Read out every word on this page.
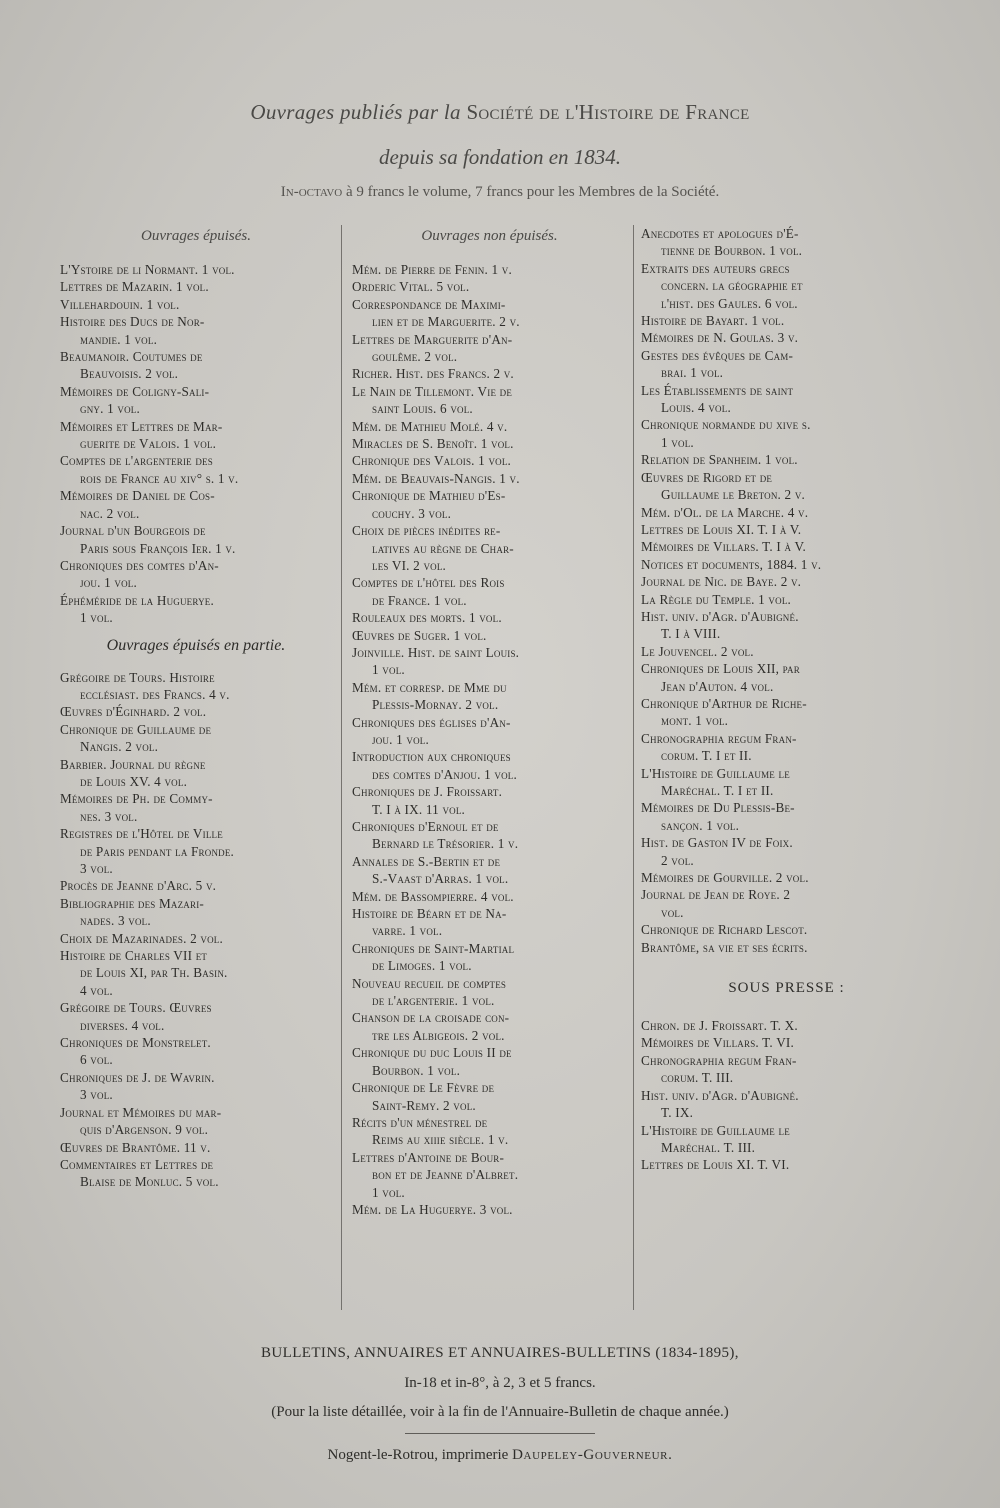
Ouvrages publiés par la Société de l'Histoire de France
depuis sa fondation en 1834.
In-octavo à 9 francs le volume, 7 francs pour les Membres de la Société.
Ouvrages épuisés.
L'Ystoire de li Normant. 1 vol.
Lettres de Mazarin. 1 vol.
Villehardouin. 1 vol.
Histoire des Ducs de Nor-
mandie. 1 vol.
Beaumanoir. Coutumes de
Beauvoisis. 2 vol.
Mémoires de Coligny-Sali-
gny. 1 vol.
Mémoires et Lettres de Mar-
guerite de Valois. 1 vol.
Comptes de l'argenterie des
rois de France au xiv° s. 1 v.
Mémoires de Daniel de Cos-
nac. 2 vol.
Journal d'un Bourgeois de
Paris sous François Ier. 1 v.
Chroniques des comtes d'An-
jou. 1 vol.
Éphéméride de la Huguerye.
1 vol.
Ouvrages épuisés en partie.
Grégoire de Tours. Histoire
ecclésiast. des Francs. 4 v.
Œuvres d'Éginhard. 2 vol.
Chronique de Guillaume de
Nangis. 2 vol.
Barbier. Journal du règne
de Louis XV. 4 vol.
Mémoires de Ph. de Commy-
nes. 3 vol.
Registres de l'Hôtel de Ville
de Paris pendant la Fronde.
3 vol.
Procès de Jeanne d'Arc. 5 v.
Bibliographie des Mazari-
nades. 3 vol.
Choix de Mazarinades. 2 vol.
Histoire de Charles VII et
de Louis XI, par Th. Basin.
4 vol.
Grégoire de Tours. Œuvres
diverses. 4 vol.
Chroniques de Monstrelet.
6 vol.
Chroniques de J. de Wavrin.
3 vol.
Journal et Mémoires du mar-
quis d'Argenson. 9 vol.
Œuvres de Brantôme. 11 v.
Commentaires et Lettres de
Blaise de Monluc. 5 vol.
Ouvrages non épuisés.
Mém. de Pierre de Fenin. 1 v.
Orderic Vital. 5 vol.
Correspondance de Maximi-
lien et de Marguerite. 2 v.
Lettres de Marguerite d'An-
goulême. 2 vol.
Richer. Hist. des Francs. 2 v.
Le Nain de Tillemont. Vie de
saint Louis. 6 vol.
Mém. de Mathieu Molé. 4 v.
Miracles de S. Benoît. 1 vol.
Chronique des Valois. 1 vol.
Mém. de Beauvais-Nangis. 1 v.
Chronique de Mathieu d'Es-
couchy. 3 vol.
Choix de pièces inédites re-
latives au règne de Char-
les VI. 2 vol.
Comptes de l'hôtel des Rois
de France. 1 vol.
Rouleaux des morts. 1 vol.
Œuvres de Suger. 1 vol.
Joinville. Hist. de saint Louis.
1 vol.
Mém. et corresp. de Mme du
Plessis-Mornay. 2 vol.
Chroniques des églises d'An-
jou. 1 vol.
Introduction aux chroniques
des comtes d'Anjou. 1 vol.
Chroniques de J. Froissart.
T. I à IX. 11 vol.
Chroniques d'Ernoul et de
Bernard le Trésorier. 1 v.
Annales de S.-Bertin et de
S.-Vaast d'Arras. 1 vol.
Mém. de Bassompierre. 4 vol.
Histoire de Béarn et de Na-
varre. 1 vol.
Chroniques de Saint-Martial
de Limoges. 1 vol.
Nouveau recueil de comptes
de l'argenterie. 1 vol.
Chanson de la croisade con-
tre les Albigeois. 2 vol.
Chronique du duc Louis II de
Bourbon. 1 vol.
Chronique de Le Fèvre de
Saint-Remy. 2 vol.
Récits d'un ménestrel de
Reims au xiiie siècle. 1 v.
Lettres d'Antoine de Bour-
bon et de Jeanne d'Albret.
1 vol.
Mém. de La Huguerye. 3 vol.
Anecdotes et apologues d'É-
tienne de Bourbon. 1 vol.
Extraits des auteurs grecs
concern. la géographie et
l'hist. des Gaules. 6 vol.
Histoire de Bayart. 1 vol.
Mémoires de N. Goulas. 3 v.
Gestes des évêques de Cam-
brai. 1 vol.
Les Établissements de saint
Louis. 4 vol.
Chronique normande du xive s.
1 vol.
Relation de Spanheim. 1 vol.
Œuvres de Rigord et de
Guillaume le Breton. 2 v.
Mém. d'Ol. de la Marche. 4 v.
Lettres de Louis XI. T. I à V.
Mémoires de Villars. T. I à V.
Notices et documents, 1884. 1 v.
Journal de Nic. de Baye. 2 v.
La Règle du Temple. 1 vol.
Hist. univ. d'Agr. d'Aubigné.
T. I à VIII.
Le Jouvencel. 2 vol.
Chroniques de Louis XII, par
Jean d'Auton. 4 vol.
Chronique d'Arthur de Riche-
mont. 1 vol.
Chronographia regum Fran-
corum. T. I et II.
L'Histoire de Guillaume le
Maréchal. T. I et II.
Mémoires de Du Plessis-Be-
sançon. 1 vol.
Hist. de Gaston IV de Foix.
2 vol.
Mémoires de Gourville. 2 vol.
Journal de Jean de Roye. 2
vol.
Chronique de Richard Lescot.
Brantôme, sa vie et ses écrits.
SOUS PRESSE :
Chron. de J. Froissart. T. X.
Mémoires de Villars. T. VI.
Chronographia regum Fran-
corum. T. III.
Hist. univ. d'Agr. d'Aubigné.
T. IX.
L'Histoire de Guillaume le
Maréchal. T. III.
Lettres de Louis XI. T. VI.
BULLETINS, ANNUAIRES ET ANNUAIRES-BULLETINS (1834-1895),
In-18 et in-8°, à 2, 3 et 5 francs.
(Pour la liste détaillée, voir à la fin de l'Annuaire-Bulletin de chaque année.)
Nogent-le-Rotrou, imprimerie Daupeley-Gouverneur.
